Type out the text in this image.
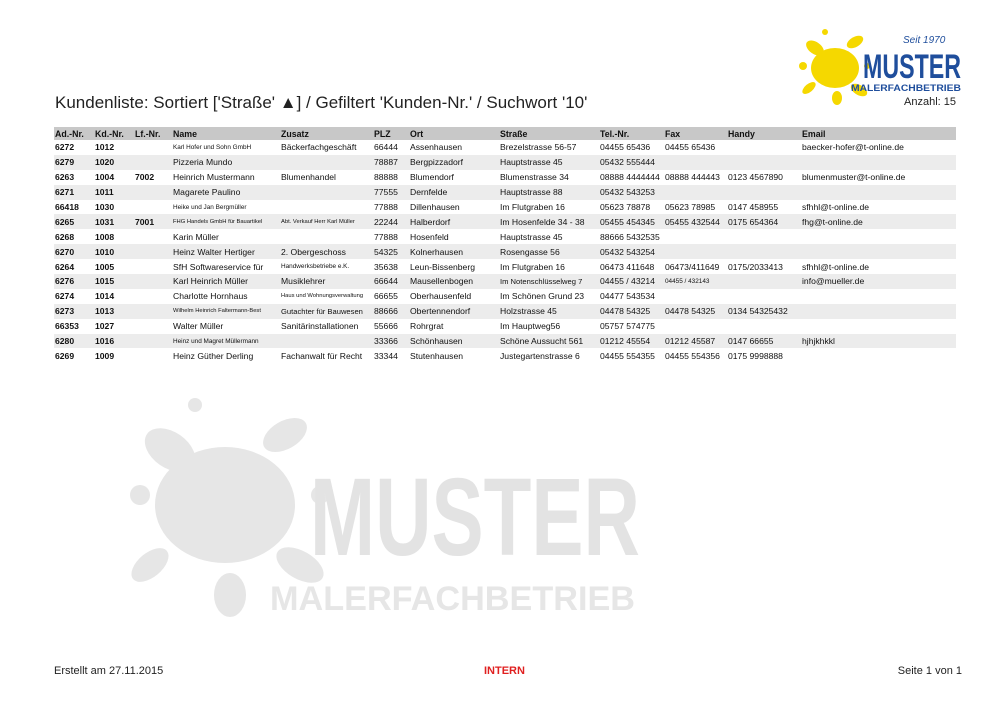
MUSTER
MALERFACHBETRIEB
Seit 1970
MUSTER
MALERFACHBETRIEB
Kundenliste: Sortiert ['Straße' ▲] / Gefiltert 'Kunden-Nr.' / Suchwort '10'	Anzahl: 15
Ad.-Nr.	Kd.-Nr.	Lf.-Nr.	Name	Zusatz	PLZ	Ort	Straße	Tel.-Nr.	Fax	Handy	Email
6272	1012		Karl Hofer und Sohn GmbH	Bäckerfachgeschäft	66444	Assenhausen	Brezelstrasse 56-57	04455 65436	04455 65436		baecker-hofer@t-online.de
6279	1020		Pizzeria Mundo		78887	Bergpizzadorf	Hauptstrasse 45	05432 555444			
6263	1004	7002	Heinrich Mustermann	Blumenhandel	88888	Blumendorf	Blumenstrasse 34	08888 4444444	08888 444443	0123 4567890	blumenmuster@t-online.de
6271	1011		Magarete Paulino		77555	Dernfelde	Hauptstrasse 88	05432 543253			
66418	1030		Heike und Jan Bergmüller		77888	Dillenhausen	Im Flutgraben 16	05623 78878	05623 78985	0147 458955	sfhhl@t-online.de
6265	1031	7001	FHG Handels GmbH für Bauartikel	Abt. Verkauf Herr Karl Müller	22244	Halberdorf	Im Hosenfelde 34 - 38	05455 454345	05455 432544	0175 654364	fhg@t-online.de
6268	1008		Karin Müller		77888	Hosenfeld	Hauptstrasse 45	88666 5432535			
6270	1010		Heinz Walter Hertiger	2. Obergeschoss	54325	Kolnerhausen	Rosengasse 56	05432 543254			
6264	1005		SfH Softwareservice für	Handwerksbetriebe e.K.	35638	Leun-Bissenberg	Im Flutgraben 16	06473 411648	06473/411649	0175/2033413	sfhhl@t-online.de
6276	1015		Karl Heinrich Müller	Musiklehrer	66644	Mausellenbogen	Im Notenschlüsselweg 7	04455 / 43214	04455 / 432143		info@mueller.de
6274	1014		Charlotte Hornhaus	Haus und Wohnungsverwaltung	66655	Oberhausenfeld	Im Schönen Grund 23	04477 543534			
6273	1013		Wilhelm Heinrich Faltermann-Best	Gutachter für Bauwesen	88666	Obertennendorf	Holzstrasse 45	04478 54325	04478 54325	0134 54325432	
66353	1027		Walter Müller	Sanitärinstallationen	55666	Rohrgrat	Im Hauptweg56	05757 574775			
6280	1016		Heinz und Magret Müllermann		33366	Schönhausen	Schöne Aussucht 561	01212 45554	01212 45587	0147 66655	hjhjkhkkl
6269	1009		Heinz Güther Derling	Fachanwalt für Recht	33344	Stutenhausen	Justegartenstrasse 6	04455 554355	04455 554356	0175 9998888	
Erstellt am 27.11.2015	INTERN	Seite 1 von 1
